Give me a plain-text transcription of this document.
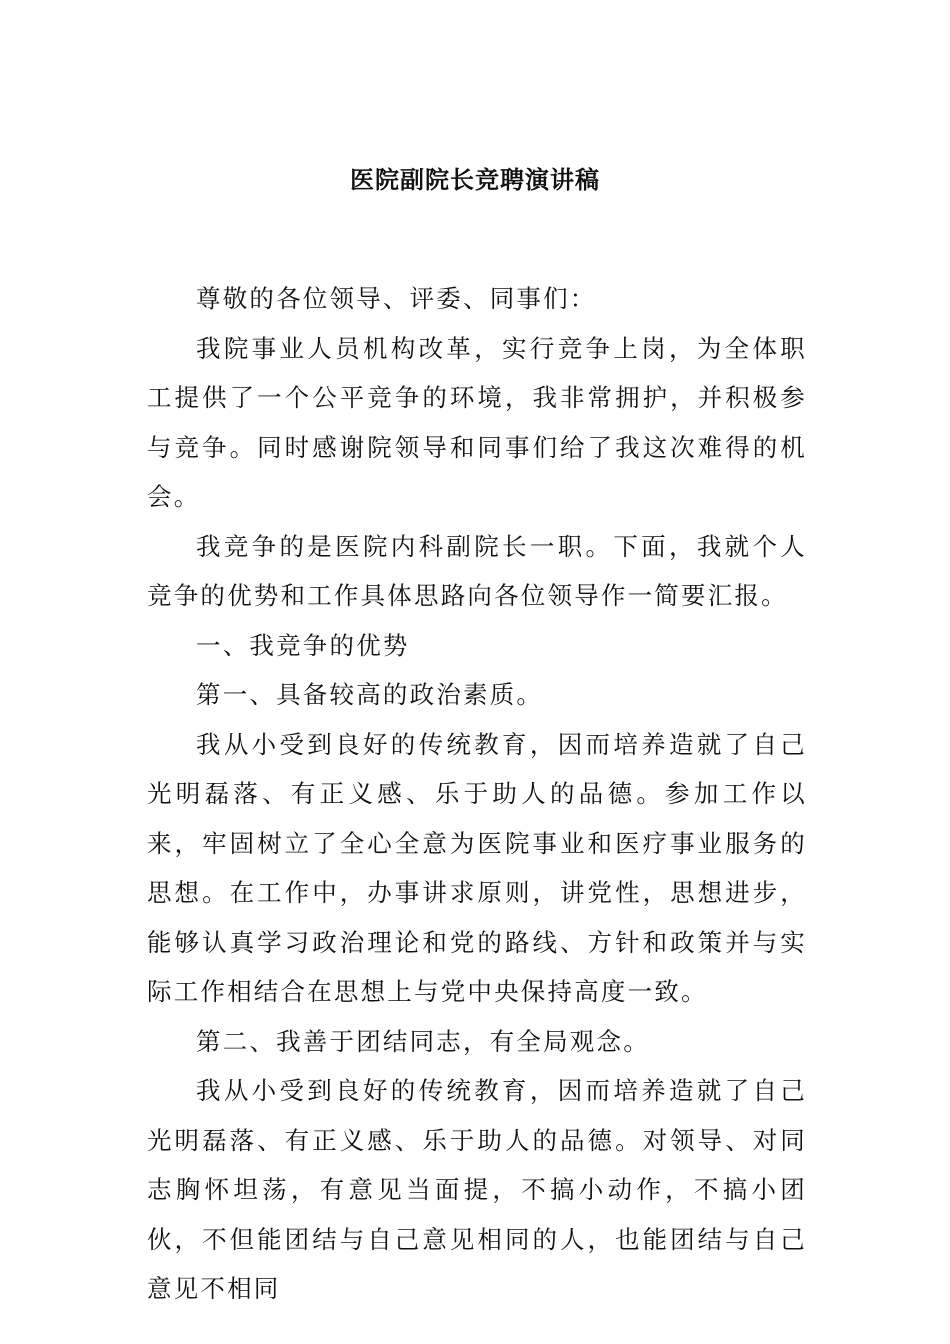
医院副院长竞聘演讲稿

尊敬的各位领导、评委、同事们：

我院事业人员机构改革，实行竞争上岗，为全体职工提供了一个公平竞争的环境，我非常拥护，并积极参与竞争。同时感谢院领导和同事们给了我这次难得的机会。

我竞争的是医院内科副院长一职。下面，我就个人竞争的优势和工作具体思路向各位领导作一简要汇报。

一、我竞争的优势

第一、具备较高的政治素质。

我从小受到良好的传统教育，因而培养造就了自己光明磊落、有正义感、乐于助人的品德。参加工作以来，牢固树立了全心全意为医院事业和医疗事业服务的思想。在工作中，办事讲求原则，讲党性，思想进步，能够认真学习政治理论和党的路线、方针和政策并与实际工作相结合在思想上与党中央保持高度一致。

第二、我善于团结同志，有全局观念。

我从小受到良好的传统教育，因而培养造就了自己光明磊落、有正义感、乐于助人的品德。对领导、对同志胸怀坦荡，有意见当面提，不搞小动作，不搞小团伙，不但能团结与自己意见相同的人，也能团结与自己意见不相同
